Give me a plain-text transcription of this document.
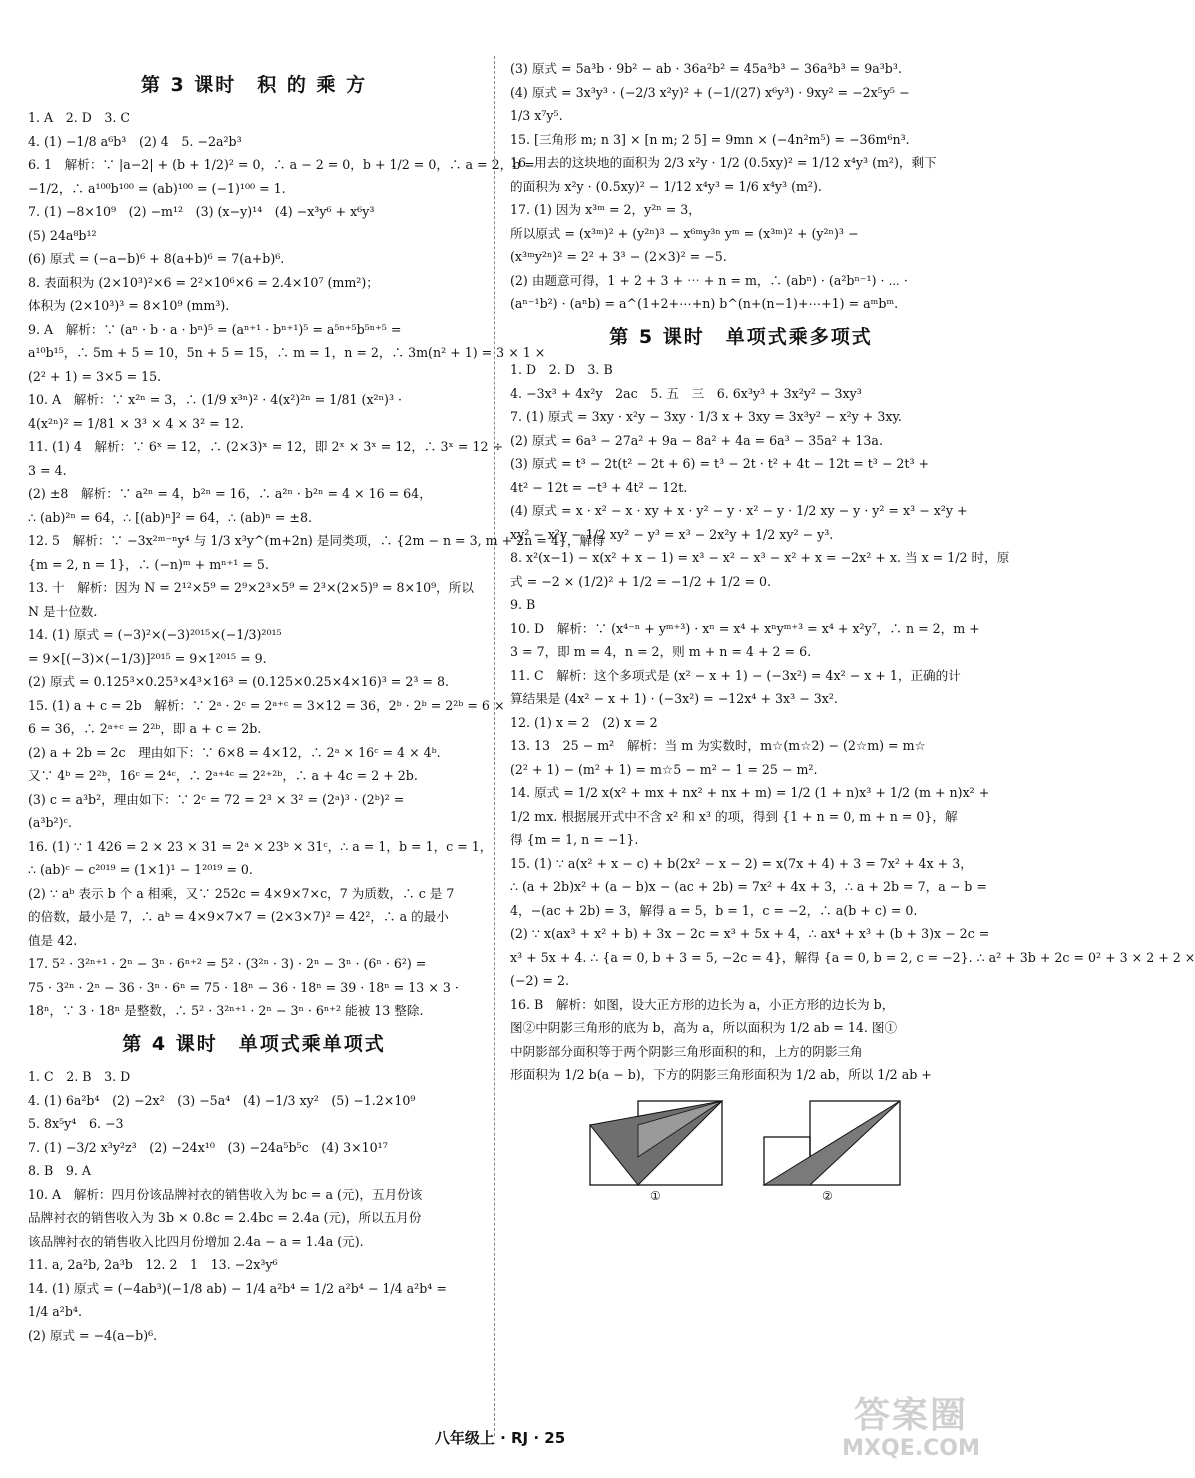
第 3 课时　积 的 乘 方
1. A　2. D　3. C
4. (1) −1/8 a⁶b³　(2) 4　5. −2a²b³
6. 1　解析：∵ |a−2| + (b + 1/2)² = 0，∴ a − 2 = 0，b + 1/2 = 0，∴ a = 2，b =
−1/2，∴ a¹⁰⁰b¹⁰⁰ = (ab)¹⁰⁰ = (−1)¹⁰⁰ = 1.
7. (1) −8×10⁹　(2) −m¹²　(3) (x−y)¹⁴　(4) −x³y⁶ + x⁶y³
(5) 24a⁸b¹²
(6) 原式 = (−a−b)⁶ + 8(a+b)⁶ = 7(a+b)⁶.
8. 表面积为 (2×10³)²×6 = 2²×10⁶×6 = 2.4×10⁷ (mm²)；
体积为 (2×10³)³ = 8×10⁹ (mm³).
9. A　解析：∵ (aⁿ · b · a · bⁿ)⁵ = (aⁿ⁺¹ · bⁿ⁺¹)⁵ = a⁵ⁿ⁺⁵b⁵ⁿ⁺⁵ =
a¹⁰b¹⁵，∴ 5m + 5 = 10，5n + 5 = 15，∴ m = 1，n = 2，∴ 3m(n² + 1) = 3 × 1 ×
(2² + 1) = 3×5 = 15.
10. A　解析：∵ x²ⁿ = 3，∴ (1/9 x³ⁿ)² · 4(x²)²ⁿ = 1/81 (x²ⁿ)³ ·
4(x²ⁿ)² = 1/81 × 3³ × 4 × 3² = 12.
11. (1) 4　解析：∵ 6ˣ = 12，∴ (2×3)ˣ = 12，即 2ˣ × 3ˣ = 12，∴ 3ˣ = 12 ÷
3 = 4.
(2) ±8　解析：∵ a²ⁿ = 4，b²ⁿ = 16，∴ a²ⁿ · b²ⁿ = 4 × 16 = 64，
∴ (ab)²ⁿ = 64，∴ [(ab)ⁿ]² = 64，∴ (ab)ⁿ = ±8.
12. 5　解析：∵ −3x²ᵐ⁻ⁿy⁴ 与 1/3 x³y^(m+2n) 是同类项，∴ {2m − n = 3, m + 2n = 4}，解得
{m = 2, n = 1}，∴ (−n)ᵐ + mⁿ⁺¹ = 5.
13. 十　解析：因为 N = 2¹²×5⁹ = 2⁹×2³×5⁹ = 2³×(2×5)⁹ = 8×10⁹，所以
N 是十位数.
14. (1) 原式 = (−3)²×(−3)²⁰¹⁵×(−1/3)²⁰¹⁵
= 9×[(−3)×(−1/3)]²⁰¹⁵ = 9×1²⁰¹⁵ = 9.
(2) 原式 = 0.125³×0.25³×4³×16³ = (0.125×0.25×4×16)³ = 2³ = 8.
15. (1) a + c = 2b　解析：∵ 2ᵃ · 2ᶜ = 2ᵃ⁺ᶜ = 3×12 = 36，2ᵇ · 2ᵇ = 2²ᵇ = 6 ×
6 = 36，∴ 2ᵃ⁺ᶜ = 2²ᵇ，即 a + c = 2b.
(2) a + 2b = 2c　理由如下：∵ 6×8 = 4×12，∴ 2ᵃ × 16ᶜ = 4 × 4ᵇ.
又∵ 4ᵇ = 2²ᵇ，16ᶜ = 2⁴ᶜ，∴ 2ᵃ⁺⁴ᶜ = 2²⁺²ᵇ，∴ a + 4c = 2 + 2b.
(3) c = a³b²，理由如下：∵ 2ᶜ = 72 = 2³ × 3² = (2ᵃ)³ · (2ᵇ)² =
(a³b²)ᶜ.
16. (1) ∵ 1 426 = 2 × 23 × 31 = 2ᵃ × 23ᵇ × 31ᶜ，∴ a = 1，b = 1，c = 1，
∴ (ab)ᶜ − c²⁰¹⁹ = (1×1)¹ − 1²⁰¹⁹ = 0.
(2) ∵ aᵇ 表示 b 个 a 相乘，又∵ 252c = 4×9×7×c，7 为质数，∴ c 是 7
的倍数，最小是 7，∴ aᵇ = 4×9×7×7 = (2×3×7)² = 42²，∴ a 的最小
值是 42.
17. 5² · 3²ⁿ⁺¹ · 2ⁿ − 3ⁿ · 6ⁿ⁺² = 5² · (3²ⁿ · 3) · 2ⁿ − 3ⁿ · (6ⁿ · 6²) =
75 · 3²ⁿ · 2ⁿ − 36 · 3ⁿ · 6ⁿ = 75 · 18ⁿ − 36 · 18ⁿ = 39 · 18ⁿ = 13 × 3 ·
18ⁿ，∵ 3 · 18ⁿ 是整数，∴ 5² · 3²ⁿ⁺¹ · 2ⁿ − 3ⁿ · 6ⁿ⁺² 能被 13 整除.
第 4 课时　单项式乘单项式
1. C　2. B　3. D
4. (1) 6a²b⁴　(2) −2x²　(3) −5a⁴　(4) −1/3 xy²　(5) −1.2×10⁹
5. 8x⁵y⁴　6. −3
7. (1) −3/2 x³y²z³　(2) −24x¹⁰　(3) −24a⁵b⁵c　(4) 3×10¹⁷
8. B　9. A
10. A　解析：四月份该品牌衬衣的销售收入为 bc = a (元)，五月份该
品牌衬衣的销售收入为 3b × 0.8c = 2.4bc = 2.4a (元)，所以五月份
该品牌衬衣的销售收入比四月份增加 2.4a − a = 1.4a (元).
11. a, 2a²b, 2a³b　12. 2　1　13. −2x³y⁶
14. (1) 原式 = (−4ab³)(−1/8 ab) − 1/4 a²b⁴ = 1/2 a²b⁴ − 1/4 a²b⁴ =
1/4 a²b⁴.
(2) 原式 = −4(a−b)⁶.
(3) 原式 = 5a³b · 9b² − ab · 36a²b² = 45a³b³ − 36a³b³ = 9a³b³.
(4) 原式 = 3x³y³ · (−2/3 x²y)² + (−1/(27) x⁶y³) · 9xy² = −2x⁵y⁵ −
1/3 x⁷y⁵.
15. [三角形 m; n 3] × [n m; 2 5] = 9mn × (−4n²m⁵) = −36m⁶n³.
16. 用去的这块地的面积为 2/3 x²y · 1/2 (0.5xy)² = 1/12 x⁴y³ (m²)，剩下
的面积为 x²y · (0.5xy)² − 1/12 x⁴y³ = 1/6 x⁴y³ (m²).
17. (1) 因为 x³ᵐ = 2，y²ⁿ = 3，
所以原式 = (x³ᵐ)² + (y²ⁿ)³ − x⁶ᵐy³ⁿ yᵐ = (x³ᵐ)² + (y²ⁿ)³ −
(x³ᵐy²ⁿ)² = 2² + 3³ − (2×3)² = −5.
(2) 由题意可得，1 + 2 + 3 + ⋯ + n = m，∴ (abⁿ) · (a²bⁿ⁻¹) · ⋯ ·
(aⁿ⁻¹b²) · (aⁿb) = a^(1+2+⋯+n) b^(n+(n−1)+⋯+1) = aᵐbᵐ.
第 5 课时　单项式乘多项式
1. D　2. D　3. B
4. −3x³ + 4x²y　2ac　5. 五　三　6. 6x³y³ + 3x²y² − 3xy³
7. (1) 原式 = 3xy · x²y − 3xy · 1/3 x + 3xy = 3x³y² − x²y + 3xy.
(2) 原式 = 6a³ − 27a² + 9a − 8a² + 4a = 6a³ − 35a² + 13a.
(3) 原式 = t³ − 2t(t² − 2t + 6) = t³ − 2t · t² + 4t − 12t = t³ − 2t³ +
4t² − 12t = −t³ + 4t² − 12t.
(4) 原式 = x · x² − x · xy + x · y² − y · x² − y · 1/2 xy − y · y² = x³ − x²y +
xy² − x²y − 1/2 xy² − y³ = x³ − 2x²y + 1/2 xy² − y³.
8. x²(x−1) − x(x² + x − 1) = x³ − x² − x³ − x² + x = −2x² + x. 当 x = 1/2 时，原
式 = −2 × (1/2)² + 1/2 = −1/2 + 1/2 = 0.
9. B
10. D　解析：∵ (x⁴⁻ⁿ + yᵐ⁺³) · xⁿ = x⁴ + xⁿyᵐ⁺³ = x⁴ + x²y⁷，∴ n = 2，m +
3 = 7，即 m = 4，n = 2，则 m + n = 4 + 2 = 6.
11. C　解析：这个多项式是 (x² − x + 1) − (−3x²) = 4x² − x + 1，正确的计
算结果是 (4x² − x + 1) · (−3x²) = −12x⁴ + 3x³ − 3x².
12. (1) x = 2　(2) x = 2
13. 13　25 − m²　解析：当 m 为实数时，m☆(m☆2) − (2☆m) = m☆
(2² + 1) − (m² + 1) = m☆5 − m² − 1 = 25 − m².
14. 原式 = 1/2 x(x² + mx + nx² + nx + m) = 1/2 (1 + n)x³ + 1/2 (m + n)x² +
1/2 mx. 根据展开式中不含 x² 和 x³ 的项，得到 {1 + n = 0, m + n = 0}，解
得 {m = 1, n = −1}.
15. (1) ∵ a(x² + x − c) + b(2x² − x − 2) = x(7x + 4) + 3 = 7x² + 4x + 3，
∴ (a + 2b)x² + (a − b)x − (ac + 2b) = 7x² + 4x + 3，∴ a + 2b = 7，a − b =
4，−(ac + 2b) = 3，解得 a = 5，b = 1，c = −2，∴ a(b + c) = 0.
(2) ∵ x(ax³ + x² + b) + 3x − 2c = x³ + 5x + 4，∴ ax⁴ + x³ + (b + 3)x − 2c =
x³ + 5x + 4. ∴ {a = 0, b + 3 = 5, −2c = 4}，解得 {a = 0, b = 2, c = −2}. ∴ a² + 3b + 2c = 0² + 3 × 2 + 2 ×
(−2) = 2.
16. B　解析：如图，设大正方形的边长为 a，小正方形的边长为 b，
图②中阴影三角形的底为 b，高为 a，所以面积为 1/2 ab = 14. 图①
中阴影部分面积等于两个阴影三角形面积的和，上方的阴影三角
形面积为 1/2 b(a − b)，下方的阴影三角形面积为 1/2 ab，所以 1/2 ab +
①	②
八年级上 · RJ · 25
答案圈
MXQE.COM
